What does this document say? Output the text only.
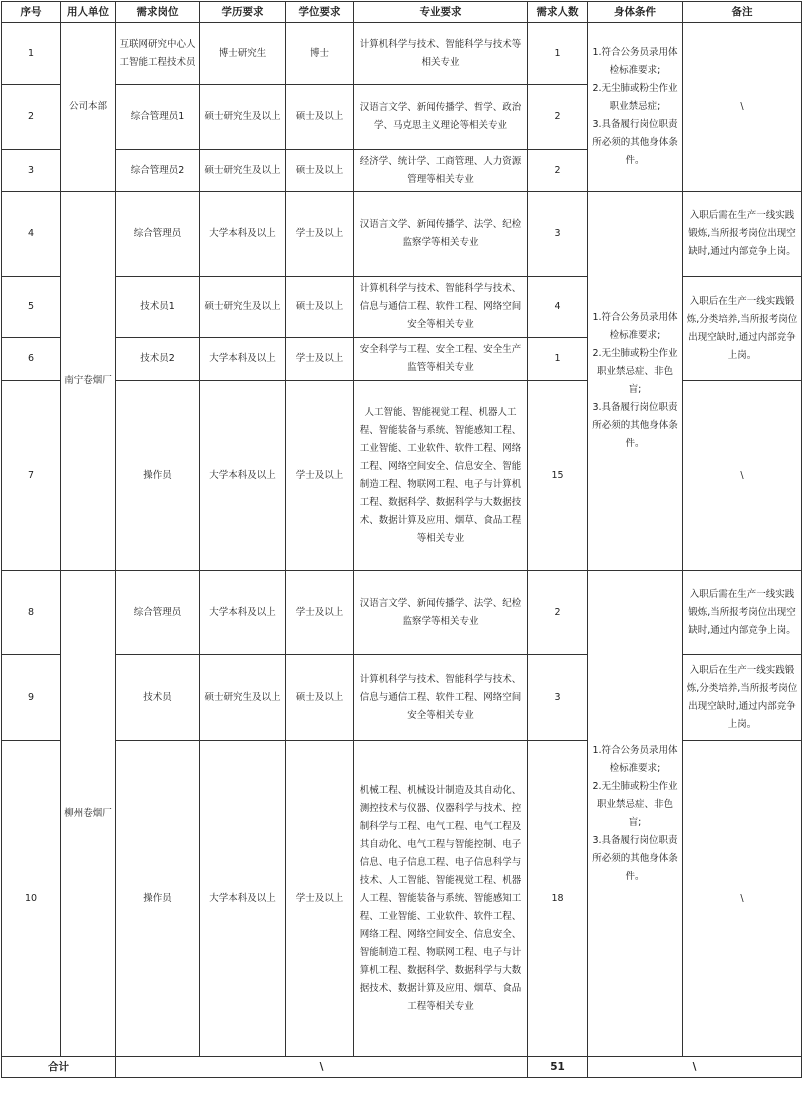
序号	用人单位	需求岗位	学历要求	学位要求	专业要求	需求人数	身体条件	备注
1	公司本部	互联网研究中心人工智能工程技术员	博士研究生	博士	计算机科学与技术、智能科学与技术等相关专业	1	1.符合公务员录用体检标准要求;
2.无尘肺或粉尘作业职业禁忌症;
3.具备履行岗位职责所必须的其他身体条件。	\
2		综合管理员1	硕士研究生及以上	硕士及以上	汉语言文学、新闻传播学、哲学、政治学、马克思主义理论等相关专业	2		
3		综合管理员2	硕士研究生及以上	硕士及以上	经济学、统计学、工商管理、人力资源管理等相关专业	2		
4	南宁卷烟厂	综合管理员	大学本科及以上	学士及以上	汉语言文学、新闻传播学、法学、纪检监察学等相关专业	3	1.符合公务员录用体检标准要求;
2.无尘肺或粉尘作业职业禁忌症、非色盲;
3.具备履行岗位职责所必须的其他身体条件。	入职后需在生产一线实践锻炼,当所报考岗位出现空缺时,通过内部竞争上岗。
5		技术员1	硕士研究生及以上	硕士及以上	计算机科学与技术、智能科学与技术、信息与通信工程、软件工程、网络空间安全等相关专业	4		入职后在生产一线实践锻炼,分类培养,当所报考岗位出现空缺时,通过内部竞争上岗。
6		技术员2	大学本科及以上	学士及以上	安全科学与工程、安全工程、安全生产监管等相关专业	1		
7		操作员	大学本科及以上	学士及以上	人工智能、智能视觉工程、机器人工程、智能装备与系统、智能感知工程、工业智能、工业软件、软件工程、网络工程、网络空间安全、信息安全、智能制造工程、物联网工程、电子与计算机工程、数据科学、数据科学与大数据技术、数据计算及应用、烟草、食品工程等相关专业	15		\
8	柳州卷烟厂	综合管理员	大学本科及以上	学士及以上	汉语言文学、新闻传播学、法学、纪检监察学等相关专业	2	1.符合公务员录用体检标准要求;
2.无尘肺或粉尘作业职业禁忌症、非色盲;
3.具备履行岗位职责所必须的其他身体条件。	入职后需在生产一线实践锻炼,当所报考岗位出现空缺时,通过内部竞争上岗。
9		技术员	硕士研究生及以上	硕士及以上	计算机科学与技术、智能科学与技术、信息与通信工程、软件工程、网络空间安全等相关专业	3		入职后在生产一线实践锻炼,分类培养,当所报考岗位出现空缺时,通过内部竞争上岗。
10		操作员	大学本科及以上	学士及以上	机械工程、机械设计制造及其自动化、测控技术与仪器、仪器科学与技术、控制科学与工程、电气工程、电气工程及其自动化、电气工程与智能控制、电子信息、电子信息工程、电子信息科学与技术、人工智能、智能视觉工程、机器人工程、智能装备与系统、智能感知工程、工业智能、工业软件、软件工程、网络工程、网络空间安全、信息安全、智能制造工程、物联网工程、电子与计算机工程、数据科学、数据科学与大数据技术、数据计算及应用、烟草、食品工程等相关专业	18		\
合计		\				51	\	
